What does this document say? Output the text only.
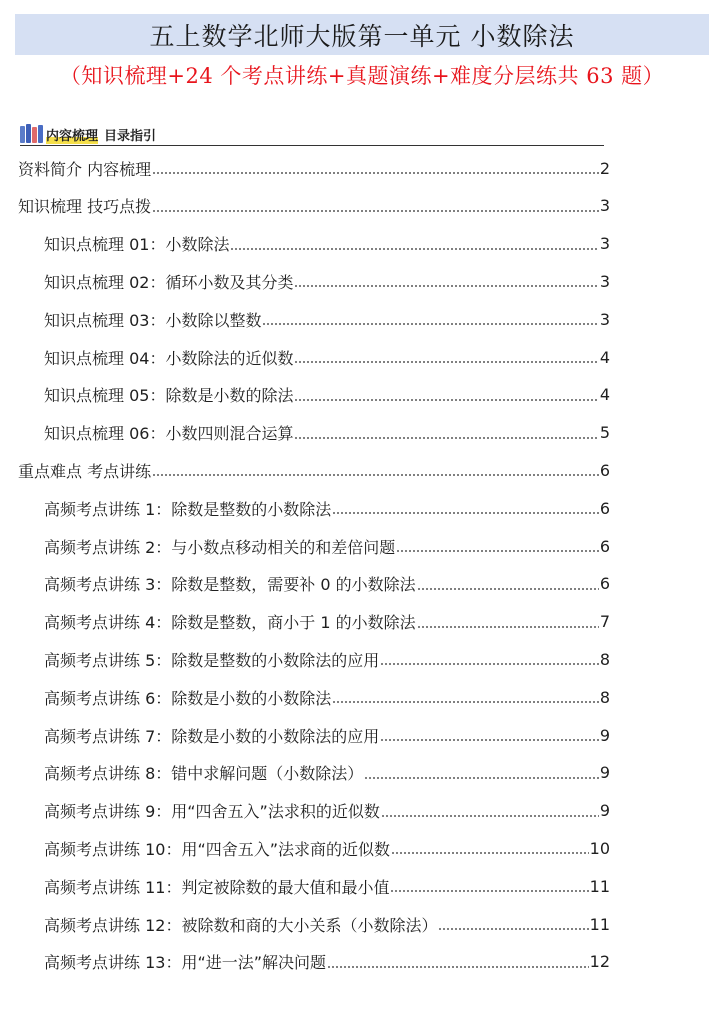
五上数学北师大版第一单元 小数除法
（知识梳理+24 个考点讲练+真题演练+难度分层练共 63 题）
内容梳理 目录指引
资料简介 内容梳理	2
知识梳理 技巧点拨	3
知识点梳理 01：小数除法	3
知识点梳理 02：循环小数及其分类	3
知识点梳理 03：小数除以整数	3
知识点梳理 04：小数除法的近似数	4
知识点梳理 05：除数是小数的除法	4
知识点梳理 06：小数四则混合运算	5
重点难点 考点讲练	6
高频考点讲练 1：除数是整数的小数除法	6
高频考点讲练 2：与小数点移动相关的和差倍问题	6
高频考点讲练 3：除数是整数，需要补 0 的小数除法	6
高频考点讲练 4：除数是整数，商小于 1 的小数除法	7
高频考点讲练 5：除数是整数的小数除法的应用	8
高频考点讲练 6：除数是小数的小数除法	8
高频考点讲练 7：除数是小数的小数除法的应用	9
高频考点讲练 8：错中求解问题（小数除法）	9
高频考点讲练 9：用“四舍五入”法求积的近似数	9
高频考点讲练 10：用“四舍五入”法求商的近似数	10
高频考点讲练 11：判定被除数的最大值和最小值	11
高频考点讲练 12：被除数和商的大小关系（小数除法）	11
高频考点讲练 13：用“进一法”解决问题	12
